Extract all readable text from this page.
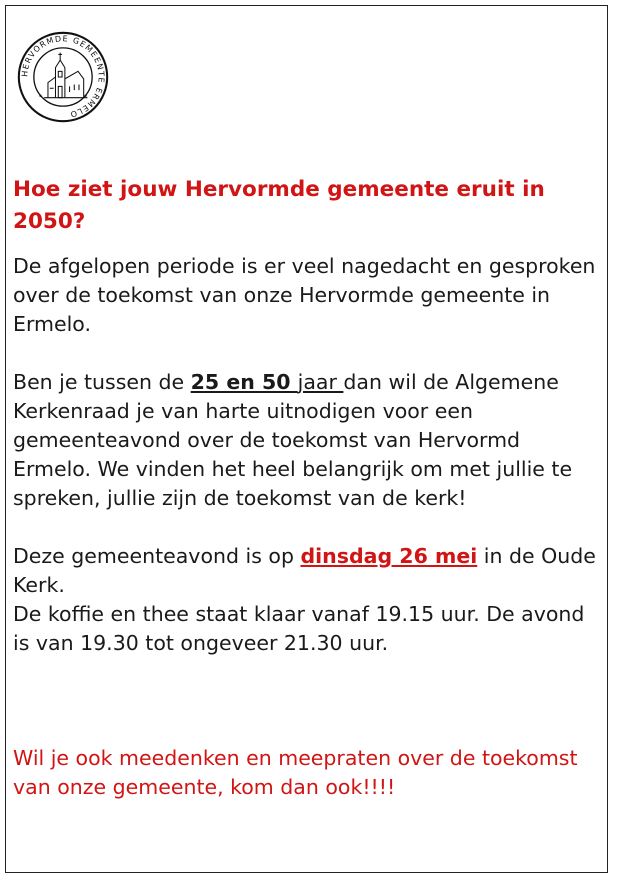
HERVORMDE GEMEENTE ERMELO
Hoe ziet jouw Hervormde gemeente eruit in 2050?

De afgelopen periode is er veel nagedacht en gesproken over de toekomst van onze Hervormde gemeente in Ermelo.

Ben je tussen de 25 en 50 jaar dan wil de Algemene Kerkenraad je van harte uitnodigen voor een gemeenteavond over de toekomst van Hervormd Ermelo. We vinden het heel belangrijk om met jullie te spreken, jullie zijn de toekomst van de kerk!

Deze gemeenteavond is op dinsdag 26 mei in de Oude Kerk.

De koffie en thee staat klaar vanaf 19.15 uur. De avond is van 19.30 tot ongeveer 21.30 uur.

Wil je ook meedenken en meepraten over de toekomst van onze gemeente, kom dan ook!!!!
